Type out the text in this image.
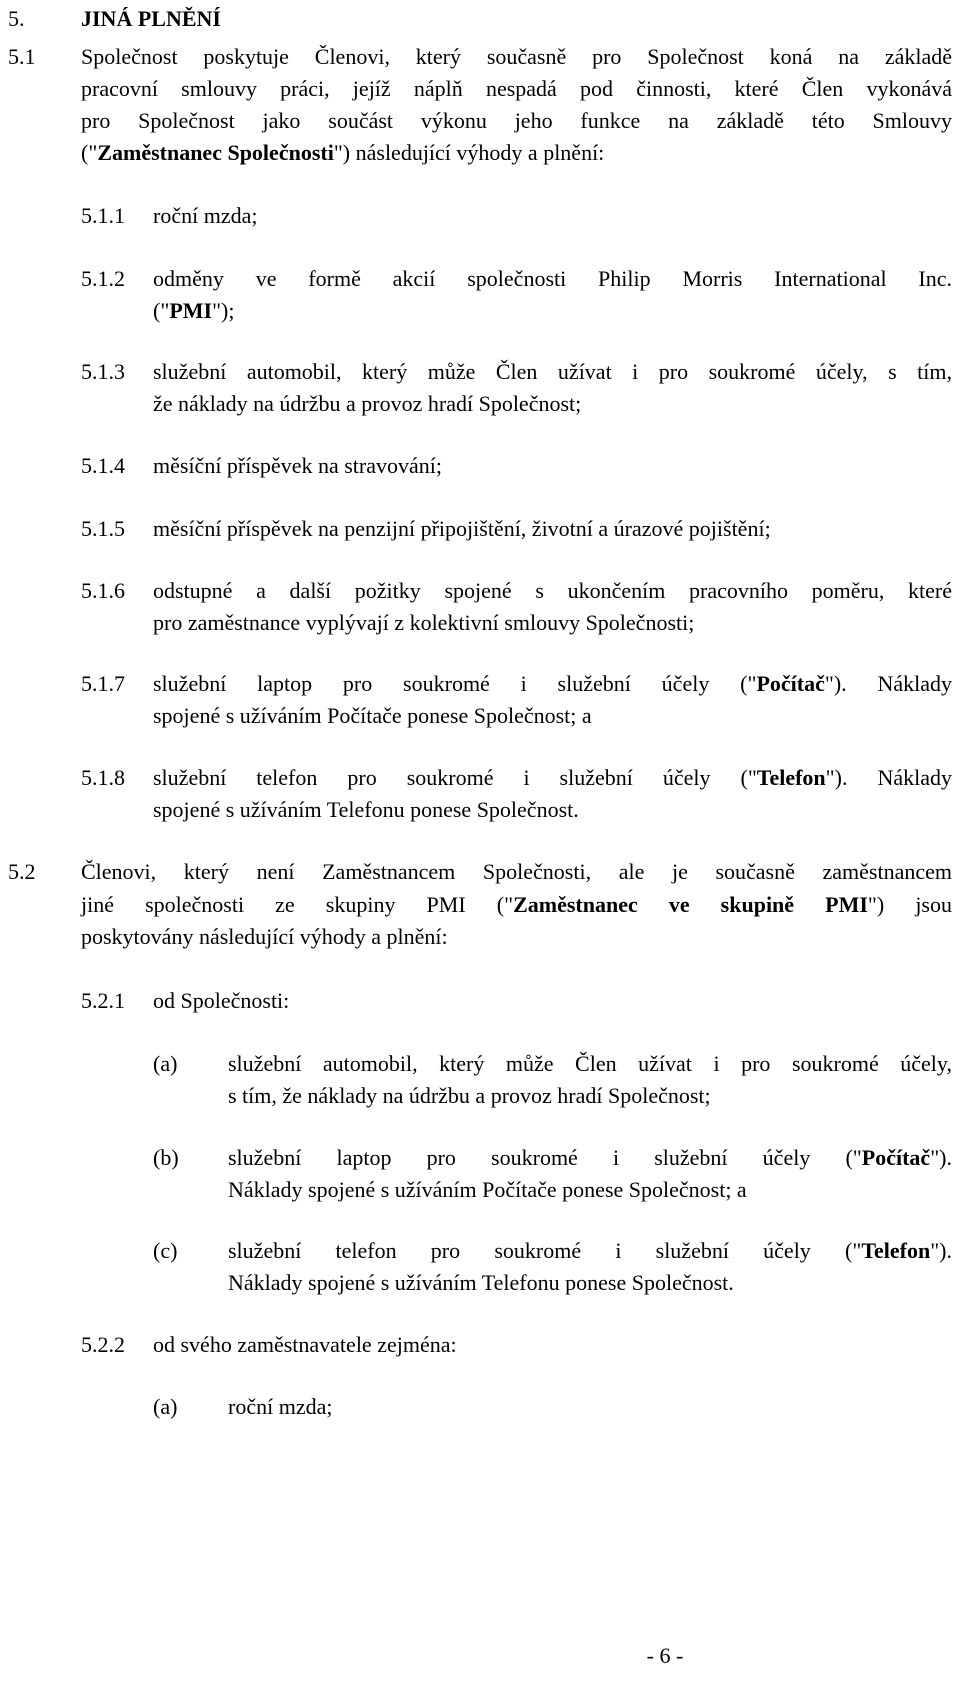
5.	JINÁ PLNĚNÍ
5.1 Společnost poskytuje Členovi, který současně pro Společnost koná na základě
pracovní smlouvy práci, jejíž náplň nespadá pod činnosti, které Člen vykonává
pro Společnost jako součást výkonu jeho funkce na základě této Smlouvy
("Zaměstnanec Společnosti") následující výhody a plnění:
5.1.1 roční mzda;
5.1.2 odměny ve formě akcií společnosti Philip Morris International Inc.
("PMI");
5.1.3 služební automobil, který může Člen užívat i pro soukromé účely, s tím,
že náklady na údržbu a provoz hradí Společnost;
5.1.4 měsíční příspěvek na stravování;
5.1.5 měsíční příspěvek na penzijní připojištění, životní a úrazové pojištění;
5.1.6 odstupné a další požitky spojené s ukončením pracovního poměru, které
pro zaměstnance vyplývají z kolektivní smlouvy Společnosti;
5.1.7 služební laptop pro soukromé i služební účely ("Počítač"). Náklady
spojené s užíváním Počítače ponese Společnost; a
5.1.8 služební telefon pro soukromé i služební účely ("Telefon"). Náklady
spojené s užíváním Telefonu ponese Společnost.
5.2 Členovi, který není Zaměstnancem Společnosti, ale je současně zaměstnancem
jiné společnosti ze skupiny PMI ("Zaměstnanec ve skupině PMI") jsou
poskytovány následující výhody a plnění:
5.2.1 od Společnosti:
(a) služební automobil, který může Člen užívat i pro soukromé účely,
s tím, že náklady na údržbu a provoz hradí Společnost;
(b) služební laptop pro soukromé i služební účely ("Počítač").
Náklady spojené s užíváním Počítače ponese Společnost; a
(c) služební telefon pro soukromé i služební účely ("Telefon").
Náklady spojené s užíváním Telefonu ponese Společnost.
5.2.2 od svého zaměstnavatele zejména:
(a) roční mzda;
- 6 -
